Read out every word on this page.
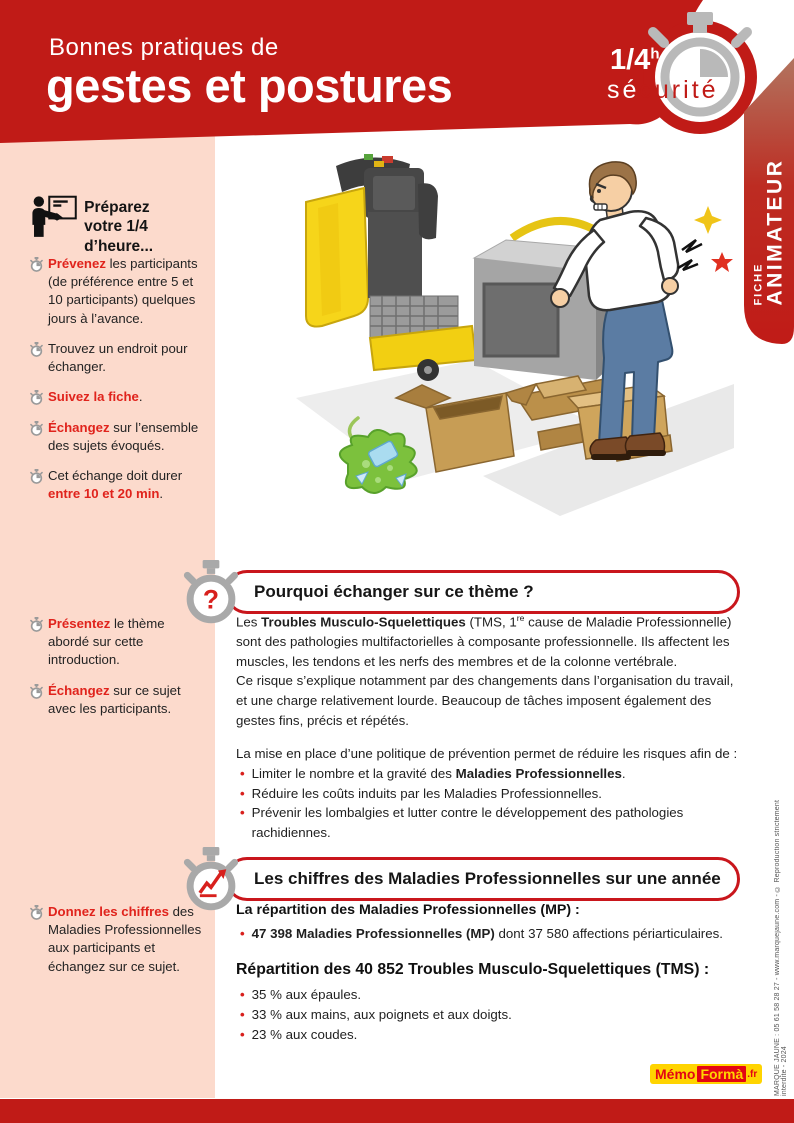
Bonnes pratiques de
gestes et postures	1/4$^h$
sécurité
FICHE ANIMATEUR
Préparez
votre 1/4 d’heure...
Prévenez les participants (de préférence entre 5 et 10 participants) quelques jours à l’avance.
Trouvez un endroit pour échanger.
Suivez la fiche.
Échangez sur l’ensemble des sujets évoqués.
Cet échange doit durer entre 10 et 20 min.
Présentez le thème abordé sur cette introduction.
Échangez sur ce sujet avec les participants.
Donnez les chiffres des Maladies Professionnelles aux participants et échangez sur ce sujet.
?	Pourquoi échanger sur ce thème ?

Les Troubles Musculo-Squelettiques (TMS, 1re cause de Maladie Professionnelle) sont des pathologies multifactorielles à composante professionnelle. Ils affectent les muscles, les tendons et les nerfs des membres et de la colonne vertébrale.

Ce risque s’explique notamment par des changements dans l’organisation du travail, et une charge relativement lourde. Beaucoup de tâches imposent également des gestes fins, précis et répétés.

La mise en place d’une politique de prévention permet de réduire les risques afin de :

• Limiter le nombre et la gravité des Maladies Professionnelles.
• Réduire les coûts induits par les Maladies Professionnelles.
• Prévenir les lombalgies et lutter contre le développement des pathologies rachidiennes.
Les chiffres des Maladies Professionnelles sur une année

La répartition des Maladies Professionnelles (MP) :

• 47 398 Maladies Professionnelles (MP) dont 37 580 affections périarticulaires.

Répartition des 40 852 Troubles Musculo-Squelettiques (TMS) :

• 35 % aux épaules.
• 33 % aux mains, aux poignets et aux doigts.
• 23 % aux coudes.	MARQUE JAUNE : 05 61 58 28 27 - www.marquejaune.com - © Reproduction strictement interdite - 2024
Mémo Formà .fr
